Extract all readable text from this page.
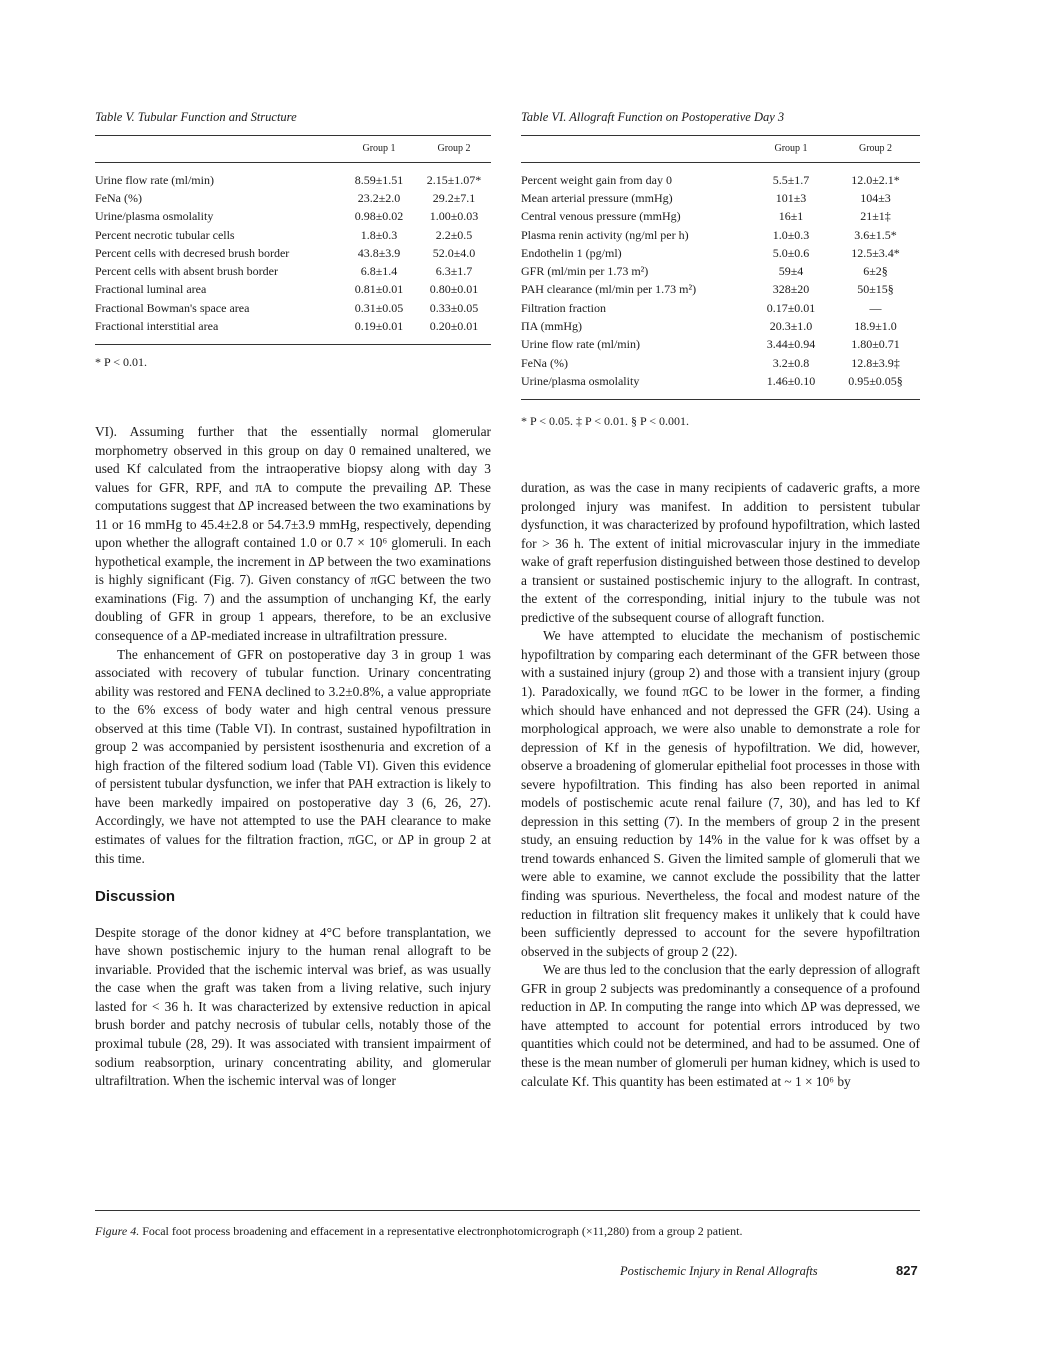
Table V. Tubular Function and Structure

	Group 1	Group 2
Urine flow rate (ml/min)	8.59±1.51	2.15±1.07*
FeNa (%)	23.2±2.0	29.2±7.1
Urine/plasma osmolality	0.98±0.02	1.00±0.03
Percent necrotic tubular cells	1.8±0.3	2.2±0.5
Percent cells with decresed brush border	43.8±3.9	52.0±4.0
Percent cells with absent brush border	6.8±1.4	6.3±1.7
Fractional luminal area	0.81±0.01	0.80±0.01
Fractional Bowman's space area	0.31±0.05	0.33±0.05
Fractional interstitial area	0.19±0.01	0.20±0.01

* P < 0.01.

VI). Assuming further that the essentially normal glomerular morphometry observed in this group on day 0 remained unaltered, we used Kf calculated from the intraoperative biopsy along with day 3 values for GFR, RPF, and πA to compute the prevailing ΔP. These computations suggest that ΔP increased between the two examinations by 11 or 16 mmHg to 45.4±2.8 or 54.7±3.9 mmHg, respectively, depending upon whether the allograft contained 1.0 or 0.7 × 10⁶ glomeruli. In each hypothetical example, the increment in ΔP between the two examinations is highly significant (Fig. 7). Given constancy of πGC between the two examinations (Fig. 7) and the assumption of unchanging Kf, the early doubling of GFR in group 1 appears, therefore, to be an exclusive consequence of a ΔP-mediated increase in ultrafiltration pressure.

The enhancement of GFR on postoperative day 3 in group 1 was associated with recovery of tubular function. Urinary concentrating ability was restored and FENA declined to 3.2±0.8%, a value appropriate to the 6% excess of body water and high central venous pressure observed at this time (Table VI). In contrast, sustained hypofiltration in group 2 was accompanied by persistent isosthenuria and excretion of a high fraction of the filtered sodium load (Table VI). Given this evidence of persistent tubular dysfunction, we infer that PAH extraction is likely to have been markedly impaired on postoperative day 3 (6, 26, 27). Accordingly, we have not attempted to use the PAH clearance to make estimates of values for the filtration fraction, πGC, or ΔP in group 2 at this time.

Discussion

Despite storage of the donor kidney at 4°C before transplantation, we have shown postischemic injury to the human renal allograft to be invariable. Provided that the ischemic interval was brief, as was usually the case when the graft was taken from a living relative, such injury lasted for < 36 h. It was characterized by extensive reduction in apical brush border and patchy necrosis of tubular cells, notably those of the proximal tubule (28, 29). It was associated with transient impairment of sodium reabsorption, urinary concentrating ability, and glomerular ultrafiltration. When the ischemic interval was of longer

Table VI. Allograft Function on Postoperative Day 3

	Group 1	Group 2
Percent weight gain from day 0	5.5±1.7	12.0±2.1*
Mean arterial pressure (mmHg)	101±3	104±3
Central venous pressure (mmHg)	16±1	21±1‡
Plasma renin activity (ng/ml per h)	1.0±0.3	3.6±1.5*
Endothelin 1 (pg/ml)	5.0±0.6	12.5±3.4*
GFR (ml/min per 1.73 m²)	59±4	6±2§
PAH clearance (ml/min per 1.73 m²)	328±20	50±15§
Filtration fraction	0.17±0.01	—
ΠA (mmHg)	20.3±1.0	18.9±1.0
Urine flow rate (ml/min)	3.44±0.94	1.80±0.71
FeNa (%)	3.2±0.8	12.8±3.9‡
Urine/plasma osmolality	1.46±0.10	0.95±0.05§

* P < 0.05. ‡ P < 0.01. § P < 0.001.

duration, as was the case in many recipients of cadaveric grafts, a more prolonged injury was manifest. In addition to persistent tubular dysfunction, it was characterized by profound hypofiltration, which lasted for > 36 h. The extent of initial microvascular injury in the immediate wake of graft reperfusion distinguished between those destined to develop a transient or sustained postischemic injury to the allograft. In contrast, the extent of the corresponding, initial injury to the tubule was not predictive of the subsequent course of allograft function.

We have attempted to elucidate the mechanism of postischemic hypofiltration by comparing each determinant of the GFR between those with a sustained injury (group 2) and those with a transient injury (group 1). Paradoxically, we found πGC to be lower in the former, a finding which should have enhanced and not depressed the GFR (24). Using a morphological approach, we were also unable to demonstrate a role for depression of Kf in the genesis of hypofiltration. We did, however, observe a broadening of glomerular epithelial foot processes in those with severe hypofiltration. This finding has also been reported in animal models of postischemic acute renal failure (7, 30), and has led to Kf depression in this setting (7). In the members of group 2 in the present study, an ensuing reduction by 14% in the value for k was offset by a trend towards enhanced S. Given the limited sample of glomeruli that we were able to examine, we cannot exclude the possibility that the latter finding was spurious. Nevertheless, the focal and modest nature of the reduction in filtration slit frequency makes it unlikely that k could have been sufficiently depressed to account for the severe hypofiltration observed in the subjects of group 2 (22).

We are thus led to the conclusion that the early depression of allograft GFR in group 2 subjects was predominantly a consequence of a profound reduction in ΔP. In computing the range into which ΔP was depressed, we have attempted to account for potential errors introduced by two quantities which could not be determined, and had to be assumed. One of these is the mean number of glomeruli per human kidney, which is used to calculate Kf. This quantity has been estimated at ~ 1 × 10⁶ by

Figure 4. Focal foot process broadening and effacement in a representative electronphotomicrograph (×11,280) from a group 2 patient.
Postischemic Injury in Renal Allografts	827
